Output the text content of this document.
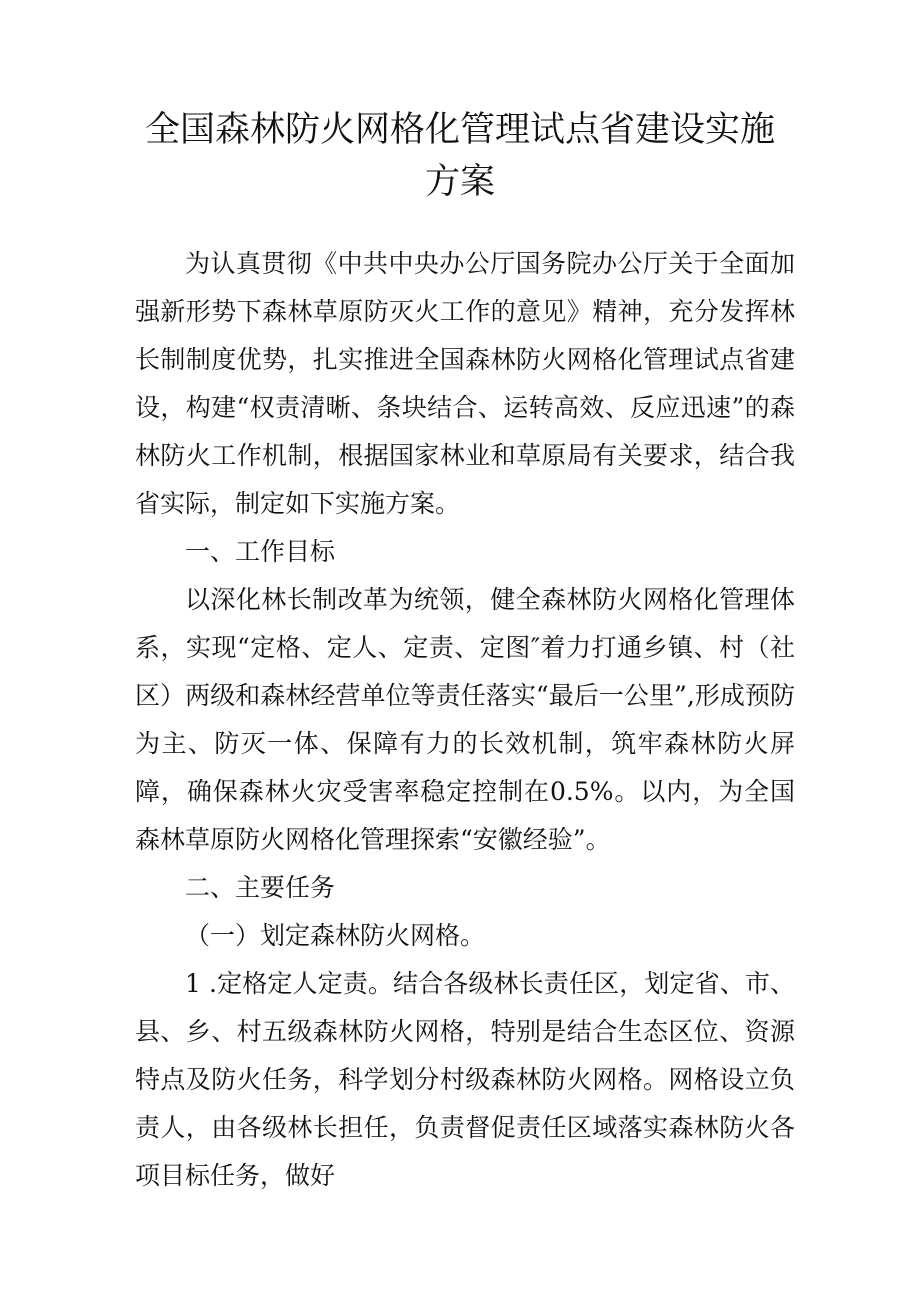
全国森林防火网格化管理试点省建设实施方案

为认真贯彻《中共中央办公厅国务院办公厅关于全面加强新形势下森林草原防灭火工作的意见》精神，充分发挥林长制制度优势，扎实推进全国森林防火网格化管理试点省建设，构建“权责清晰、条块结合、运转高效、反应迅速”的森林防火工作机制，根据国家林业和草原局有关要求，结合我省实际，制定如下实施方案。

一、工作目标

以深化林长制改革为统领，健全森林防火网格化管理体系，实现“定格、定人、定责、定图″着力打通乡镇、村（社区）两级和森林经营单位等责任落实“最后一公里”,形成预防为主、防灭一体、保障有力的长效机制，筑牢森林防火屏障，确保森林火灾受害率稳定控制在0.5%。以内，为全国森林草原防火网格化管理探索“安徽经验”。

二、主要任务

（一）划定森林防火网格。

1 .定格定人定责。结合各级林长责任区，划定省、市、县、乡、村五级森林防火网格，特别是结合生态区位、资源特点及防火任务，科学划分村级森林防火网格。网格设立负责人，由各级林长担任，负责督促责任区域落实森林防火各项目标任务，做好
